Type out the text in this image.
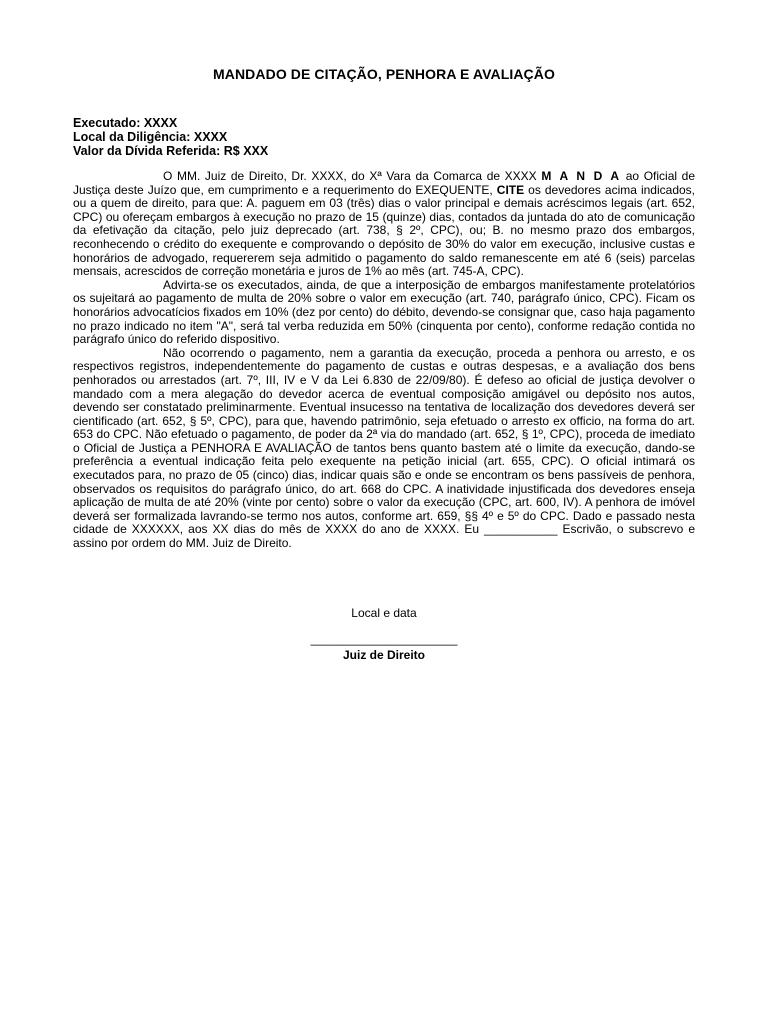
MANDADO DE CITAÇÃO, PENHORA E AVALIAÇÃO
Executado: XXXX
Local da Diligência: XXXX
Valor da Dívida Referida: R$ XXX

O MM. Juiz de Direito, Dr. XXXX, do Xª Vara da Comarca de XXXX M A N D A ao Oficial de Justiça deste Juízo que, em cumprimento e a requerimento do EXEQUENTE, CITE os devedores acima indicados, ou a quem de direito, para que: A. paguem em 03 (três) dias o valor principal e demais acréscimos legais (art. 652, CPC) ou ofereçam embargos à execução no prazo de 15 (quinze) dias, contados da juntada do ato de comunicação da efetivação da citação, pelo juiz deprecado (art. 738, § 2º, CPC), ou; B. no mesmo prazo dos embargos, reconhecendo o crédito do exequente e comprovando o depósito de 30% do valor em execução, inclusive custas e honorários de advogado, requererem seja admitido o pagamento do saldo remanescente em até 6 (seis) parcelas mensais, acrescidos de correção monetária e juros de 1% ao mês (art. 745-A, CPC).

Advirta-se os executados, ainda, de que a interposição de embargos manifestamente protelatórios os sujeitará ao pagamento de multa de 20% sobre o valor em execução (art. 740, parágrafo único, CPC). Ficam os honorários advocatícios fixados em 10% (dez por cento) do débito, devendo-se consignar que, caso haja pagamento no prazo indicado no item "A", será tal verba reduzida em 50% (cinquenta por cento), conforme redação contida no parágrafo único do referido dispositivo.

Não ocorrendo o pagamento, nem a garantia da execução, proceda a penhora ou arresto, e os respectivos registros, independentemente do pagamento de custas e outras despesas, e a avaliação dos bens penhorados ou arrestados (art. 7º, III, IV e V da Lei 6.830 de 22/09/80). É defeso ao oficial de justiça devolver o mandado com a mera alegação do devedor acerca de eventual composição amigável ou depósito nos autos, devendo ser constatado preliminarmente. Eventual insucesso na tentativa de localização dos devedores deverá ser cientificado (art. 652, § 5º, CPC), para que, havendo patrimônio, seja efetuado o arresto ex officio, na forma do art. 653 do CPC. Não efetuado o pagamento, de poder da 2ª via do mandado (art. 652, § 1º, CPC), proceda de imediato o Oficial de Justiça a PENHORA E AVALIAÇÃO de tantos bens quanto bastem até o limite da execução, dando-se preferência a eventual indicação feita pelo exequente na petição inicial (art. 655, CPC). O oficial intimará os executados para, no prazo de 05 (cinco) dias, indicar quais são e onde se encontram os bens passíveis de penhora, observados os requisitos do parágrafo único, do art. 668 do CPC. A inatividade injustificada dos devedores enseja aplicação de multa de até 20% (vinte por cento) sobre o valor da execução (CPC, art. 600, IV). A penhora de imóvel deverá ser formalizada lavrando-se termo nos autos, conforme art. 659, §§ 4º e 5º do CPC. Dado e passado nesta cidade de XXXXXX, aos XX dias do mês de XXXX do ano de XXXX. Eu ___________ Escrivão, o subscrevo e assino por ordem do MM. Juiz de Direito.

Local e data
______________________
Juiz de Direito
